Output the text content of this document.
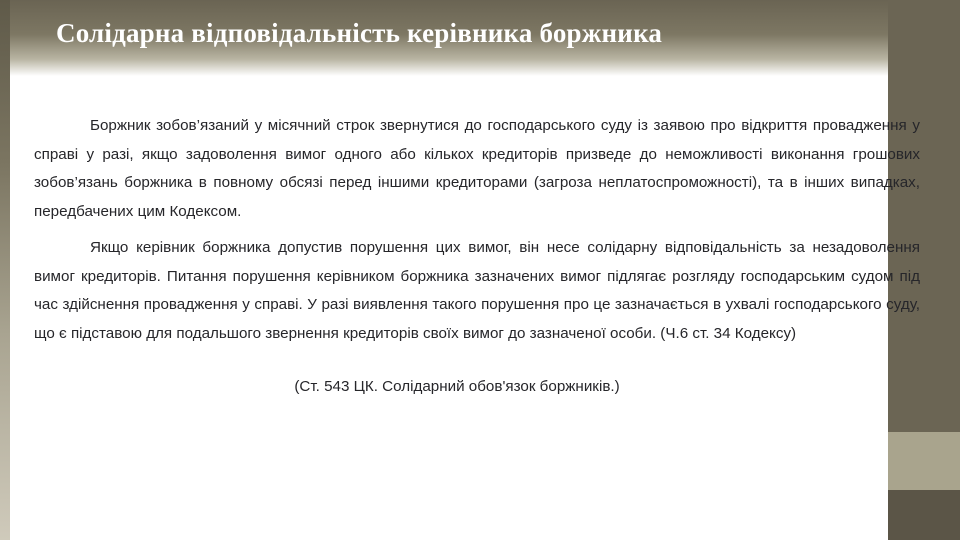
Солідарна відповідальність керівника боржника

Боржник зобов’язаний у місячний строк звернутися до господарського суду із заявою про відкриття провадження у справі у разі, якщо задоволення вимог одного або кількох кредиторів призведе до неможливості виконання грошових зобов’язань боржника в повному обсязі перед іншими кредиторами (загроза неплатоспроможності), та в інших випадках, передбачених цим Кодексом.

Якщо керівник боржника допустив порушення цих вимог, він несе солідарну відповідальність за незадоволення вимог кредиторів. Питання порушення керівником боржника зазначених вимог підлягає розгляду господарським судом під час здійснення провадження у справі. У разі виявлення такого порушення про це зазначається в ухвалі господарського суду, що є підставою для подальшого звернення кредиторів своїх вимог до зазначеної особи. (Ч.6 ст. 34 Кодексу)

(Ст. 543 ЦК. Солідарний обов'язок боржників.)
